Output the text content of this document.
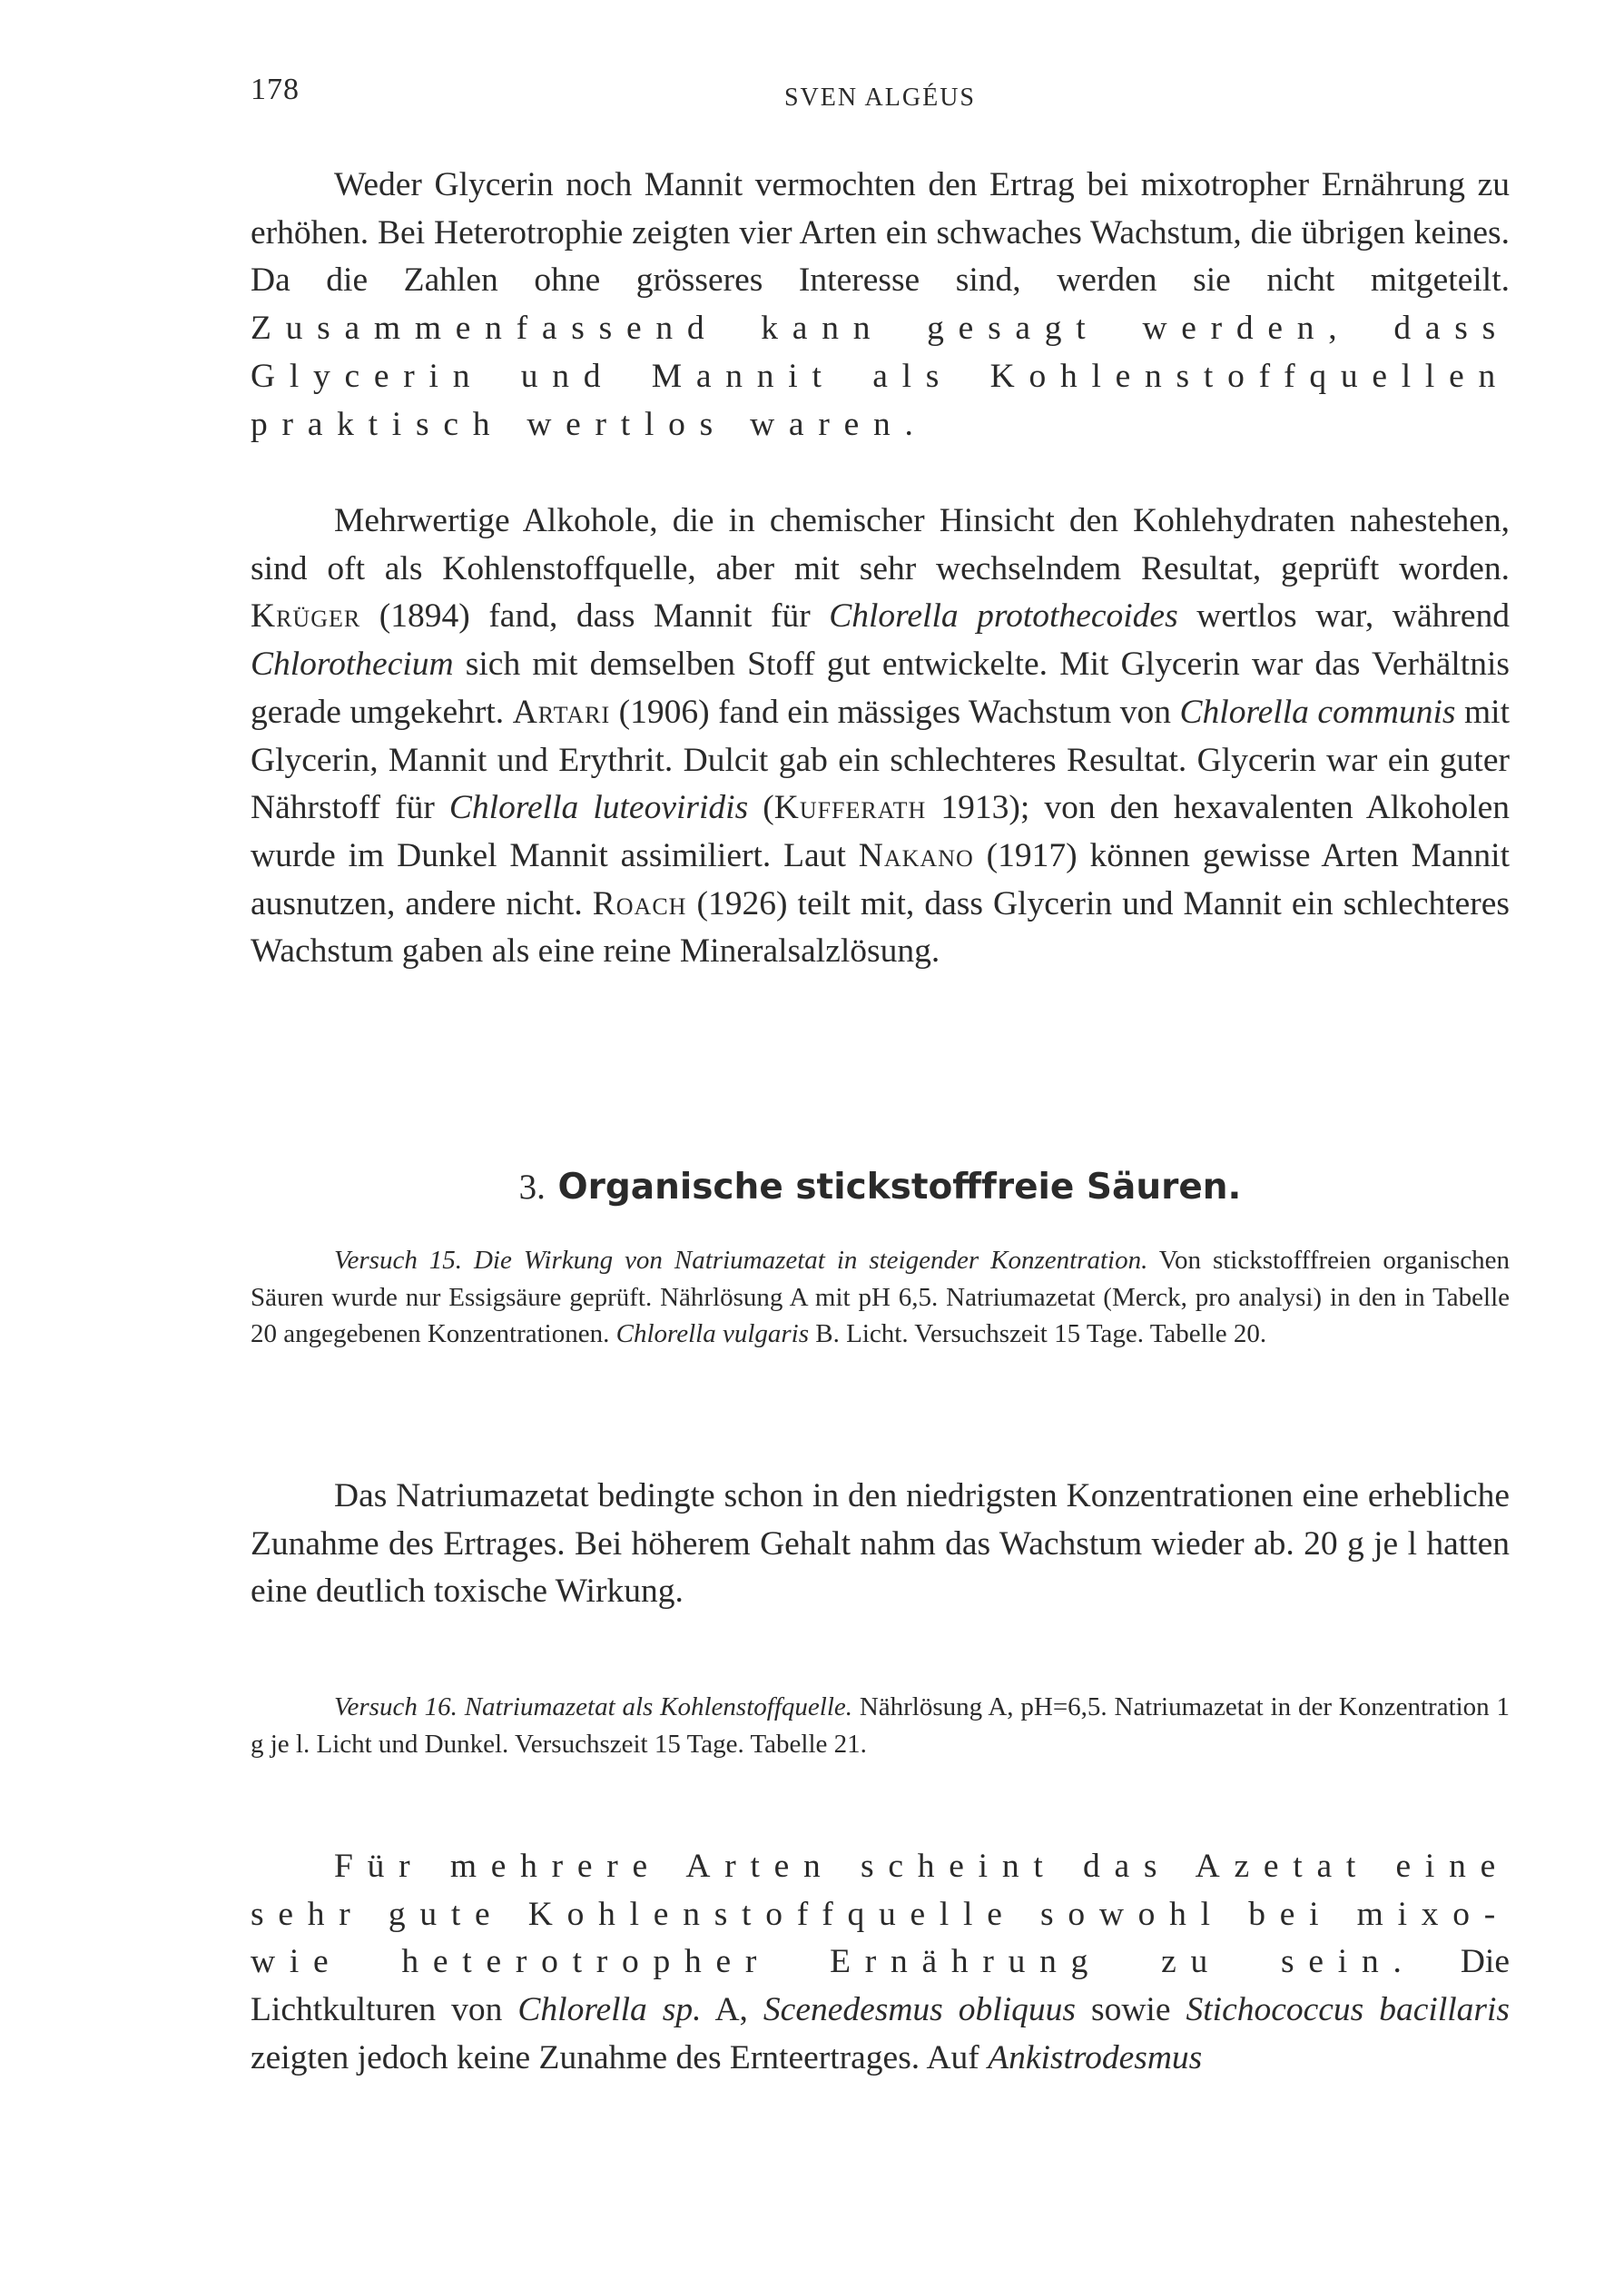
178	SVEN ALGÉUS

Weder Glycerin noch Mannit vermochten den Ertrag bei mixotropher Ernährung zu erhöhen. Bei Heterotrophie zeigten vier Arten ein schwaches Wachstum, die übrigen keines. Da die Zahlen ohne grösseres Interesse sind, werden sie nicht mitgeteilt. Zusammenfassend kann gesagt werden, dass Glycerin und Mannit als Kohlenstoffquellen praktisch wertlos waren.

Mehrwertige Alkohole, die in chemischer Hinsicht den Kohlehydraten nahestehen, sind oft als Kohlenstoffquelle, aber mit sehr wechselndem Resultat, geprüft worden. Krüger (1894) fand, dass Mannit für Chlorella protothecoides wertlos war, während Chlorothecium sich mit demselben Stoff gut entwickelte. Mit Glycerin war das Verhältnis gerade umgekehrt. Artari (1906) fand ein mässiges Wachstum von Chlorella communis mit Glycerin, Mannit und Erythrit. Dulcit gab ein schlechteres Resultat. Glycerin war ein guter Nährstoff für Chlorella luteoviridis (Kufferath 1913); von den hexavalenten Alkoholen wurde im Dunkel Mannit assimiliert. Laut Nakano (1917) können gewisse Arten Mannit ausnutzen, andere nicht. Roach (1926) teilt mit, dass Glycerin und Mannit ein schlechteres Wachstum gaben als eine reine Mineralsalzlösung.

3. Organische stickstofffreie Säuren.

Versuch 15. Die Wirkung von Natriumazetat in steigender Konzentration. Von stickstofffreien organischen Säuren wurde nur Essigsäure geprüft. Nährlösung A mit pH 6,5. Natriumazetat (Merck, pro analysi) in den in Tabelle 20 angegebenen Konzentrationen. Chlorella vulgaris B. Licht. Versuchszeit 15 Tage. Tabelle 20.

Das Natriumazetat bedingte schon in den niedrigsten Konzentrationen eine erhebliche Zunahme des Ertrages. Bei höherem Gehalt nahm das Wachstum wieder ab. 20 g je l hatten eine deutlich toxische Wirkung.

Versuch 16. Natriumazetat als Kohlenstoffquelle. Nährlösung A, pH=6,5. Natriumazetat in der Konzentration 1 g je l. Licht und Dunkel. Versuchszeit 15 Tage. Tabelle 21.

Für mehrere Arten scheint das Azetat eine sehr gute Kohlenstoffquelle sowohl bei mixo- wie heterotropher Ernährung zu sein. Die Lichtkulturen von Chlorella sp. A, Scenedesmus obliquus sowie Stichococcus bacillaris zeigten jedoch keine Zunahme des Ernteertrages. Auf Ankistrodesmus
